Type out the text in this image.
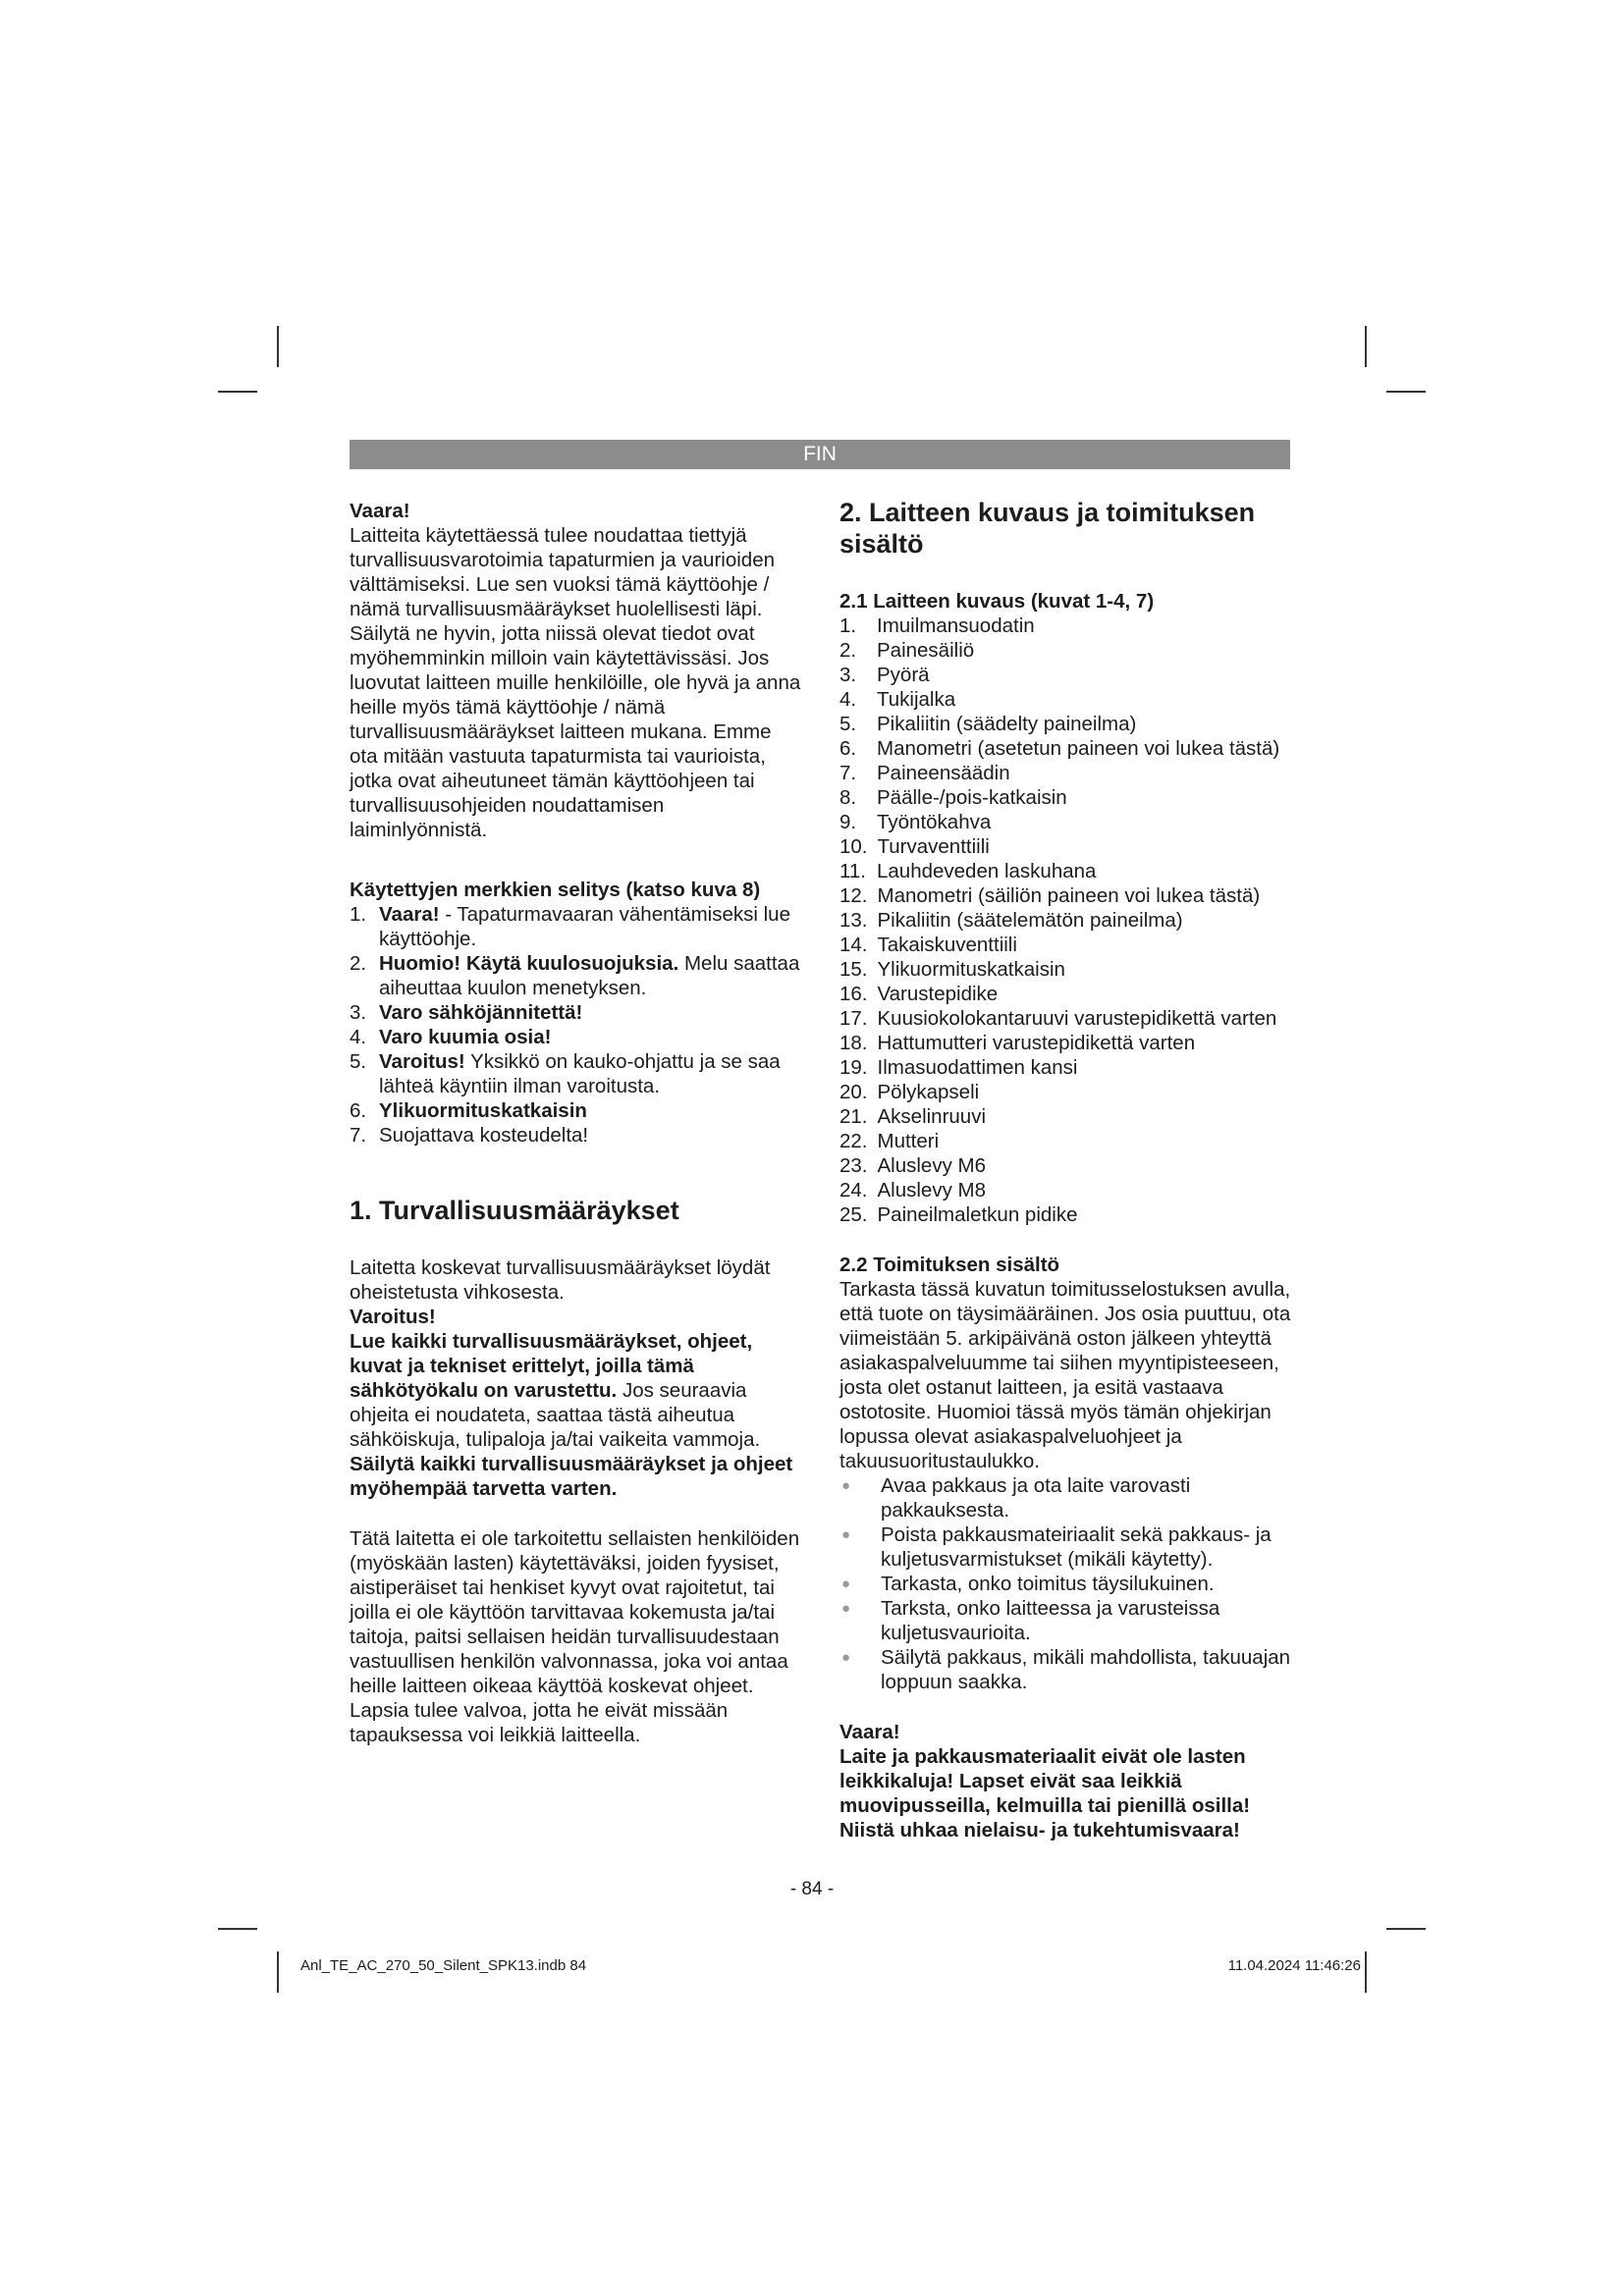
FIN

Vaara!

Laitteita käytettäessä tulee noudattaa tiettyjä turvallisuusvarotoimia tapaturmien ja vaurioiden välttämiseksi. Lue sen vuoksi tämä käyttöohje / nämä turvallisuusmääräykset huolellisesti läpi. Säilytä ne hyvin, jotta niissä olevat tiedot ovat myöhemminkin milloin vain käytettävissäsi. Jos luovutat laitteen muille henkilöille, ole hyvä ja anna heille myös tämä käyttöohje / nämä turvallisuusmääräykset laitteen mukana. Emme ota mitään vastuuta tapaturmista tai vaurioista, jotka ovat aiheutuneet tämän käyttöohjeen tai turvallisuusohjeiden noudattamisen laiminlyönnistä.

Käytettyjen merkkien selitys (katso kuva 8)

1. Vaara! - Tapaturmavaaran vähentämiseksi lue käyttöohje.
2. Huomio! Käytä kuulosuojuksia. Melu saattaa aiheuttaa kuulon menetyksen.
3. Varo sähköjännitettä!
4. Varo kuumia osia!
5. Varoitus! Yksikkö on kauko-ohjattu ja se saa lähteä käyntiin ilman varoitusta.
6. Ylikuormituskatkaisin
7. Suojattava kosteudelta!

1. Turvallisuusmääräykset

Laitetta koskevat turvallisuusmääräykset löydät oheistetusta vihkosesta.

Varoitus!

Lue kaikki turvallisuusmääräykset, ohjeet, kuvat ja tekniset erittelyt, joilla tämä sähkötyökalu on varustettu. Jos seuraavia ohjeita ei noudateta, saattaa tästä aiheutua sähköiskuja, tulipaloja ja/tai vaikeita vammoja.

Säilytä kaikki turvallisuusmääräykset ja ohjeet myöhempää tarvetta varten.

Tätä laitetta ei ole tarkoitettu sellaisten henkilöiden (myöskään lasten) käytettäväksi, joiden fyysiset, aistiperäiset tai henkiset kyvyt ovat rajoitetut, tai joilla ei ole käyttöön tarvittavaa kokemusta ja/tai taitoja, paitsi sellaisen heidän turvallisuudestaan vastuullisen henkilön valvonnassa, joka voi antaa heille laitteen oikeaa käyttöä koskevat ohjeet. Lapsia tulee valvoa, jotta he eivät missään tapauksessa voi leikkiä laitteella.

2. Laitteen kuvaus ja toimituksen sisältö

2.1 Laitteen kuvaus (kuvat 1-4, 7)

1.	Imuilmansuodatin
2.	Painesäiliö
3.	Pyörä
4.	Tukijalka
5.	Pikaliitin (säädelty paineilma)
6.	Manometri (asetetun paineen voi lukea tästä)
7.	Paineensäädin
8.	Päälle-/pois-katkaisin
9.	Työntökahva
10. Turvaventtiili
11. Lauhdeveden laskuhana
12. Manometri (säiliön paineen voi lukea tästä)
13. Pikaliitin (säätelemätön paineilma)
14. Takaiskuventtiili
15. Ylikuormituskatkaisin
16. Varustepidike
17. Kuusiokolokantaruuvi varustepidikettä varten
18. Hattumutteri varustepidikettä varten
19. Ilmasuodattimen kansi
20. Pölykapseli
21. Akselinruuvi
22. Mutteri
23. Aluslevy M6
24. Aluslevy M8
25. Paineilmaletkun pidike

2.2 Toimituksen sisältö

Tarkasta tässä kuvatun toimitusselostuksen avulla, että tuote on täysimääräinen. Jos osia puuttuu, ota viimeistään 5. arkipäivänä oston jälkeen yhteyttä asiakaspalveluumme tai siihen myyntipisteeseen, josta olet ostanut laitteen, ja esitä vastaava ostotosite. Huomioi tässä myös tämän ohjekirjan lopussa olevat asiakaspalveluohjeet ja takuusuoritustaulukko.

●	Avaa pakkaus ja ota laite varovasti pakkauksesta.
●	Poista pakkausmateiriaalit sekä pakkaus- ja kuljetusvarmistukset (mikäli käytetty).
●	Tarkasta, onko toimitus täysilukuinen.
●	Tarksta, onko laitteessa ja varusteissa kuljetusvaurioita.
●	Säilytä pakkaus, mikäli mahdollista, takuuajan loppuun saakka.

Vaara!

Laite ja pakkausmateriaalit eivät ole lasten leikkikaluja! Lapset eivät saa leikkiä muovipusseilla, kelmuilla tai pienillä osilla! Niistä uhkaa nielaisu- ja tukehtumisvaara!

- 84 -
Anl_TE_AC_270_50_Silent_SPK13.indb 84	11.04.2024 11:46:26
